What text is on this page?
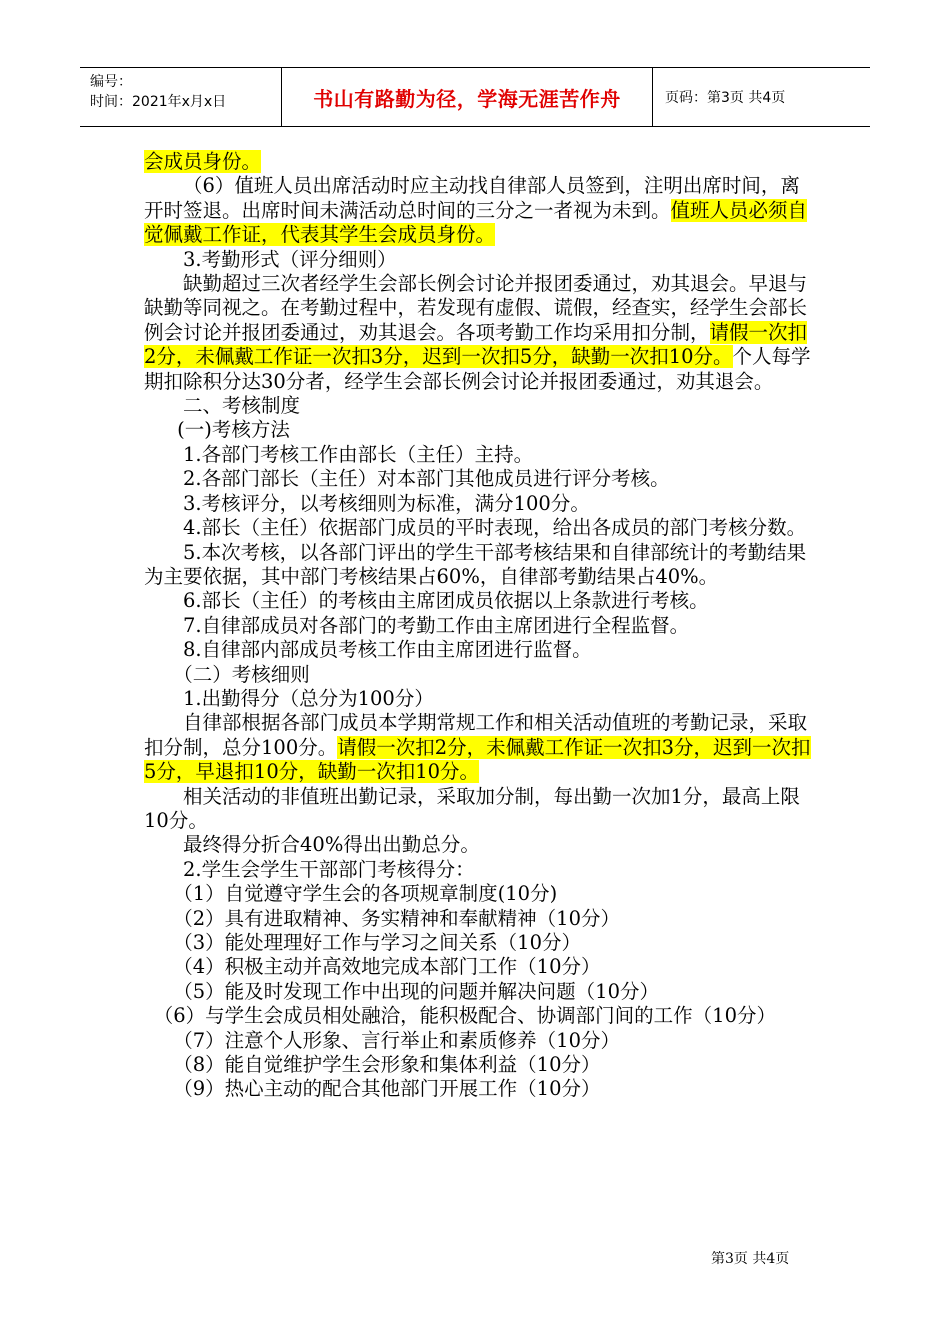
编号：
时间：2021年x月x日	书山有路勤为径，学海无涯苦作舟	页码：第3页 共4页

会成员身份。

（6）值班人员出席活动时应主动找自律部人员签到，注明出席时间，离开时签退。出席时间未满活动总时间的三分之一者视为未到。值班人员必须自觉佩戴工作证，代表其学生会成员身份。

3.考勤形式（评分细则）

缺勤超过三次者经学生会部长例会讨论并报团委通过，劝其退会。早退与缺勤等同视之。在考勤过程中，若发现有虚假、谎假，经查实，经学生会部长例会讨论并报团委通过，劝其退会。各项考勤工作均采用扣分制，请假一次扣2分，未佩戴工作证一次扣3分，迟到一次扣5分，缺勤一次扣10分。个人每学期扣除积分达30分者，经学生会部长例会讨论并报团委通过，劝其退会。

二、考核制度

(一)考核方法

1.各部门考核工作由部长（主任）主持。

2.各部门部长（主任）对本部门其他成员进行评分考核。

3.考核评分，以考核细则为标准，满分100分。

4.部长（主任）依据部门成员的平时表现，给出各成员的部门考核分数。

5.本次考核，以各部门评出的学生干部考核结果和自律部统计的考勤结果为主要依据，其中部门考核结果占60%，自律部考勤结果占40%。

6.部长（主任）的考核由主席团成员依据以上条款进行考核。

7.自律部成员对各部门的考勤工作由主席团进行全程监督。

8.自律部内部成员考核工作由主席团进行监督。

（二）考核细则

1.出勤得分（总分为100分）

自律部根据各部门成员本学期常规工作和相关活动值班的考勤记录，采取扣分制，总分100分。请假一次扣2分，未佩戴工作证一次扣3分，迟到一次扣5分，早退扣10分，缺勤一次扣10分。

相关活动的非值班出勤记录，采取加分制，每出勤一次加1分，最高上限10分。

最终得分折合40%得出出勤总分。

2.学生会学生干部部门考核得分：

（1）自觉遵守学生会的各项规章制度(10分)

（2）具有进取精神、务实精神和奉献精神（10分）

（3）能处理理好工作与学习之间关系（10分）

（4）积极主动并高效地完成本部门工作（10分）

（5）能及时发现工作中出现的问题并解决问题（10分）

（6）与学生会成员相处融洽，能积极配合、协调部门间的工作（10分）

（7）注意个人形象、言行举止和素质修养（10分）

（8）能自觉维护学生会形象和集体利益（10分）

（9）热心主动的配合其他部门开展工作（10分）

第3页 共4页
